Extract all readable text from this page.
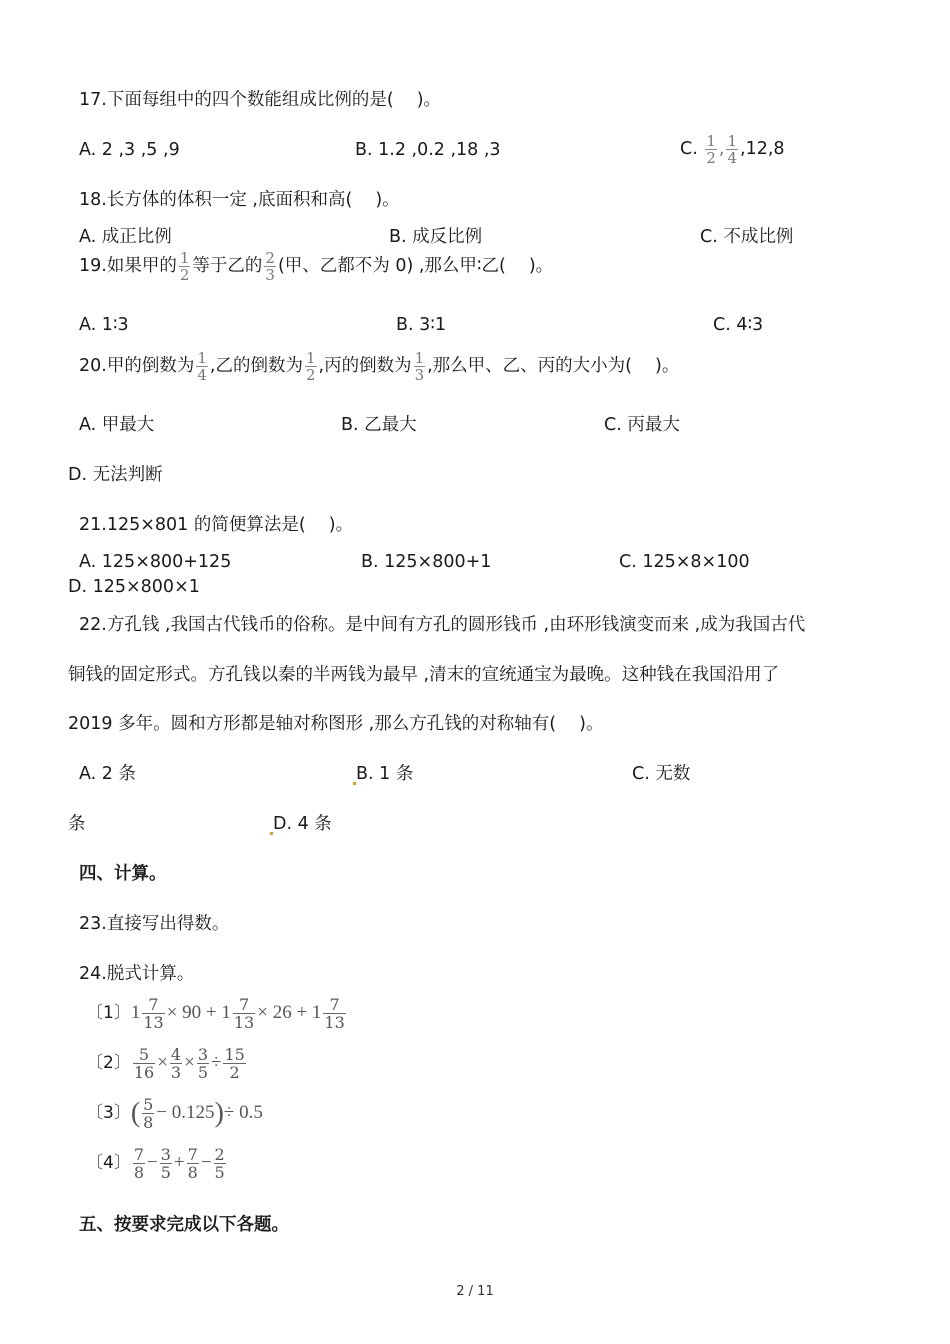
17.下面每组中的四个数能组成比例的是(　 )。
A. 2 ,3 ,5 ,9	B. 1.2 ,0.2 ,18 ,3	C. $\frac{1}{2}$ , $\frac{1}{4} ,12,8$
18.长方体的体积一定 ,底面积和高(　 )。
A. 成正比例	B. 成反比例	C. 不成比例
19.如果甲的 $\frac{1}{2}$ 等于乙的 $\frac{2}{3}$ (甲、乙都不为 0) ,那么甲∶乙(　 )。
A. 1∶3	B. 3∶1	C. 4∶3
20.甲的倒数为 $\frac{1}{4}$ ,乙的倒数为 $\frac{1}{2}$ ,丙的倒数为 $\frac{1}{3}$ ,那么甲、乙、丙的大小为(　 )。
A. 甲最大	B. 乙最大	C. 丙最大
D. 无法判断
21.125×801 的简便算法是(　 )。
A. 125×800+125	B. 125×800+1	C. 125×8×100
D. 125×800×1
22.方孔钱 ,我国古代钱币的俗称。是中间有方孔的圆形钱币 ,由环形钱演变而来 ,成为我国古代
铜钱的固定形式。方孔钱以秦的半两钱为最早 ,清末的宣统通宝为最晚。这种钱在我国沿用了
2019 多年。圆和方形都是轴对称图形 ,那么方孔钱的对称轴有(　 )。
A. 2 条	B. 1 条	C. 无数
条	D. 4 条
四、计算。
23.直接写出得数。
24.脱式计算。
〔1〕$1 \frac{7}{13} \times 90 + 1 \frac{7}{13} \times 26 + 1 \frac{7}{13}$
〔2〕 $\frac{5}{16} \times \frac{4}{3} \times \frac{3}{5} \div \frac{15}{2}$
〔3〕( $\frac{5}{8} - 0.125)\div 0.5$
〔4〕 $\frac{7}{8} - \frac{3}{5} + \frac{7}{8} - \frac{2}{5}$
五、按要求完成以下各题。
2 / 11
